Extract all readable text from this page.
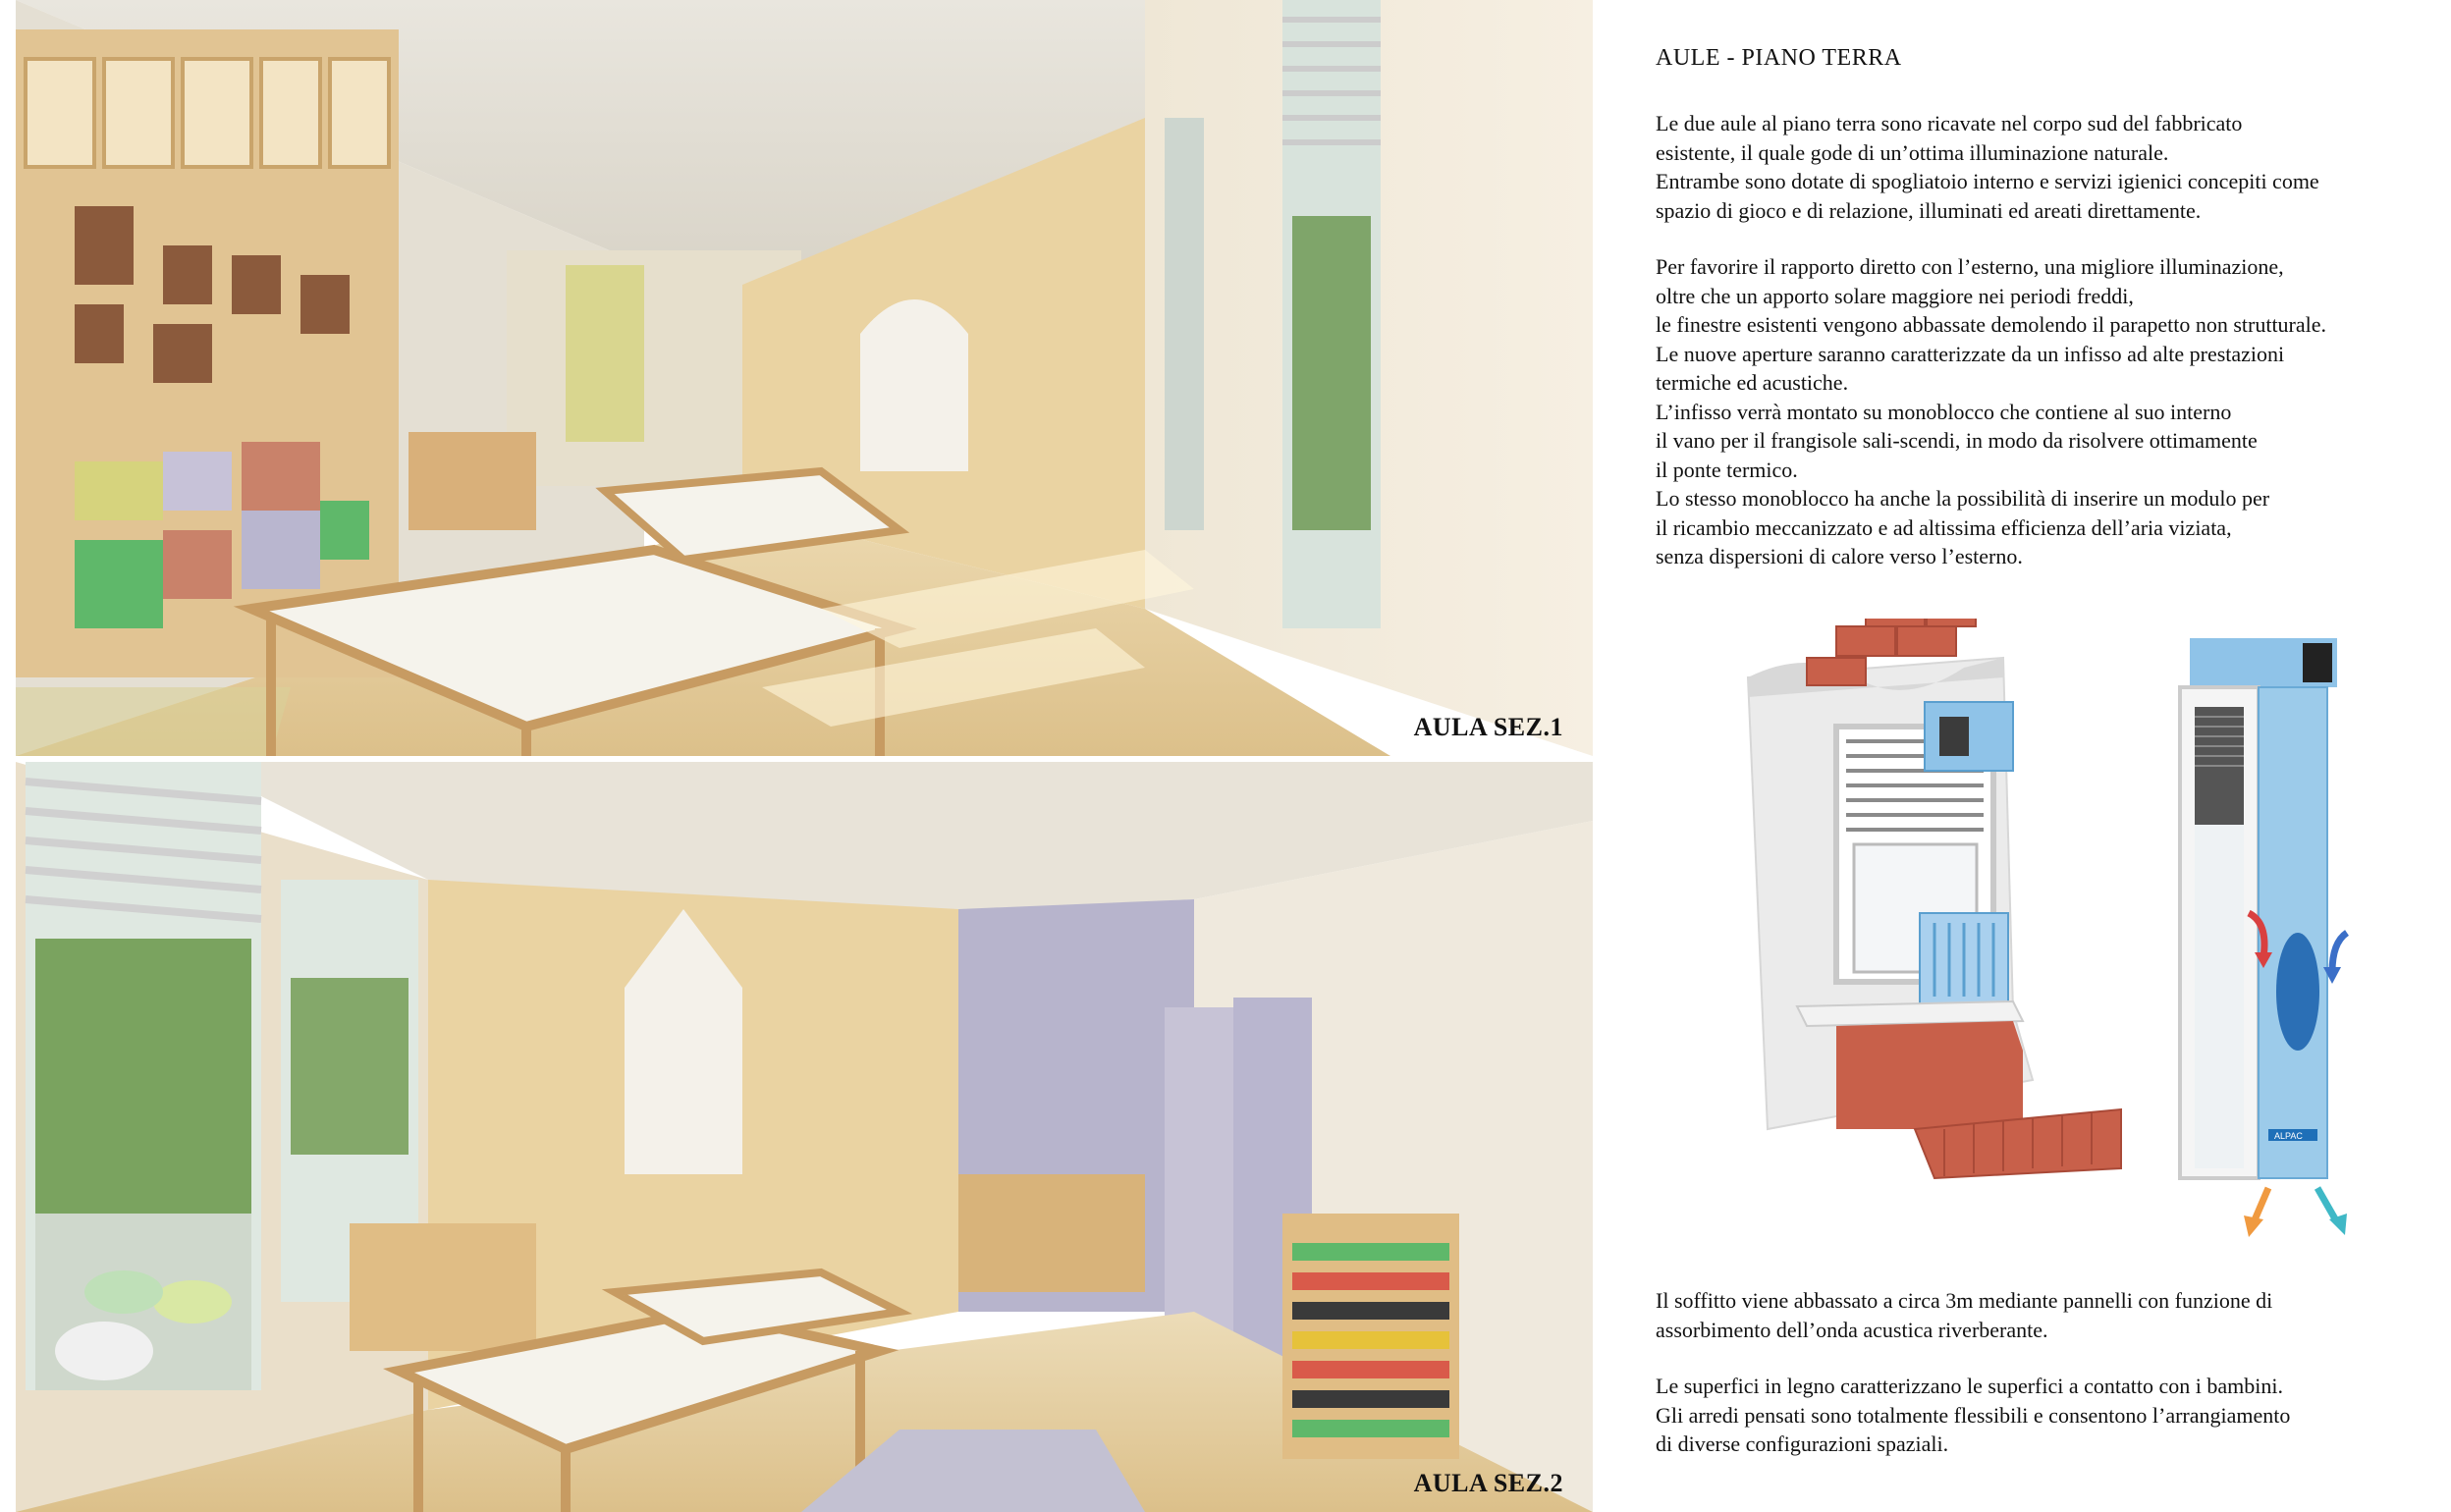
AULA SEZ.1
AULA SEZ.2
AULE - PIANO TERRA

Le due aule al piano terra sono ricavate nel corpo sud del fabbricato

esistente, il quale gode di un’ottima illuminazione naturale.

Entrambe sono dotate di spogliatoio interno e servizi igienici concepiti come

spazio di gioco e di relazione, illuminati ed areati direttamente.

Per favorire il rapporto diretto con l’esterno, una migliore illuminazione,

oltre che un apporto solare maggiore nei periodi freddi,

le finestre esistenti vengono abbassate demolendo il parapetto non strutturale.

Le nuove aperture saranno caratterizzate da un infisso ad alte prestazioni

termiche ed acustiche.

L’infisso verrà montato su monoblocco che contiene al suo interno

il vano per il frangisole sali-scendi, in modo da risolvere ottimamente

il ponte termico.

Lo stesso monoblocco ha anche la possibilità di inserire un modulo per

il ricambio meccanizzato e ad altissima efficienza dell’aria viziata,

senza dispersioni di calore verso l’esterno.

ALPAC

Il soffitto viene abbassato a circa 3m mediante pannelli con funzione di

assorbimento dell’onda acustica riverberante.

Le superfici in legno caratterizzano le superfici a contatto con i bambini.

Gli arredi pensati sono totalmente flessibili e consentono l’arrangiamento

di diverse configurazioni spaziali.
